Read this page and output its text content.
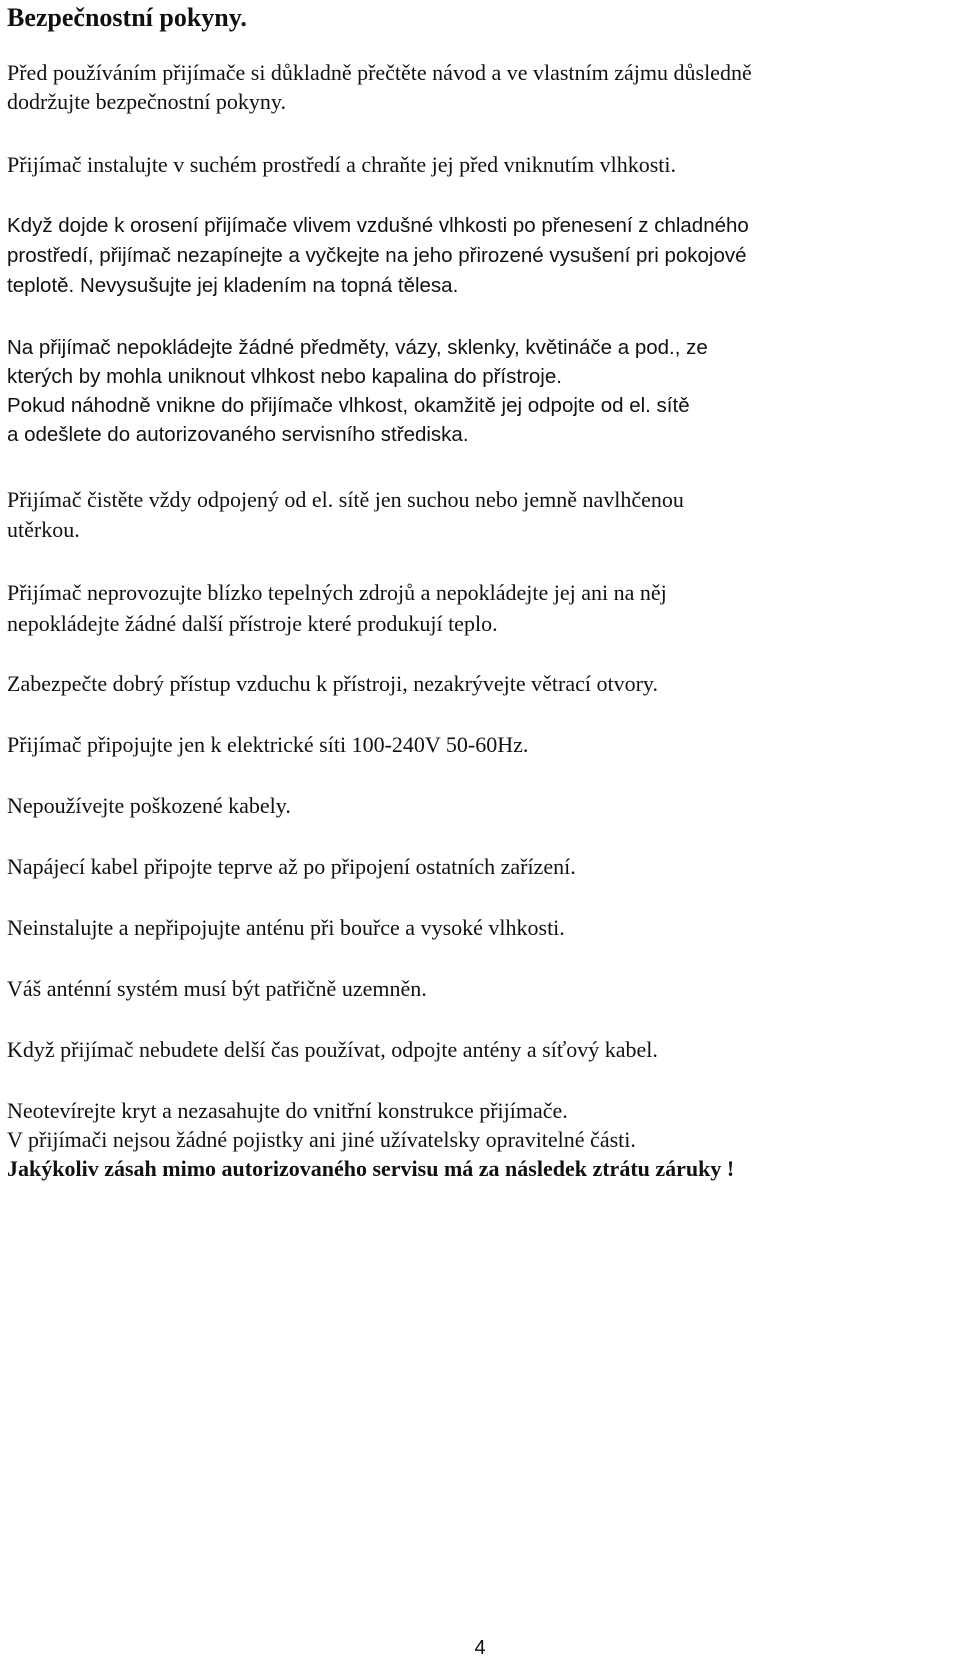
Bezpečnostní pokyny.

Před používáním přijímače si důkladně přečtěte návod a ve vlastním zájmu důsledně
dodržujte bezpečnostní pokyny.

Přijímač instalujte v suchém prostředí a chraňte jej před vniknutím vlhkosti.

Když dojde k orosení přijímače vlivem vzdušné vlhkosti po přenesení z chladného
prostředí, přijímač nezapínejte a vyčkejte na jeho přirozené vysušení pri pokojové
teplotě. Nevysušujte jej kladením na topná tělesa.

Na přijímač nepokládejte žádné předměty, vázy, sklenky, květináče a pod., ze
kterých by mohla uniknout vlhkost nebo kapalina do přístroje.
Pokud náhodně vnikne do přijímače vlhkost, okamžitě jej odpojte od el. sítě
a odešlete do autorizovaného servisního střediska.

Přijímač čistěte vždy odpojený od el. sítě jen suchou nebo jemně navlhčenou
utěrkou.

Přijímač neprovozujte blízko tepelných zdrojů a nepokládejte jej ani na něj
nepokládejte žádné další přístroje které produkují teplo.

Zabezpečte dobrý přístup vzduchu k přístroji, nezakrývejte větrací otvory.

Přijímač připojujte jen k elektrické síti 100-240V 50-60Hz.

Nepoužívejte poškozené kabely.

Napájecí kabel připojte teprve až po připojení ostatních zařízení.

Neinstalujte a nepřipojujte anténu při bouřce a vysoké vlhkosti.

Váš anténní systém musí být patřičně uzemněn.

Když přijímač nebudete delší čas používat, odpojte antény a síťový kabel.

Neotevírejte kryt a nezasahujte do vnitřní konstrukce přijímače.
V přijímači nejsou žádné pojistky ani jiné užívatelsky opravitelné části.
Jakýkoliv zásah mimo autorizovaného servisu má za následek ztrátu záruky !

4
